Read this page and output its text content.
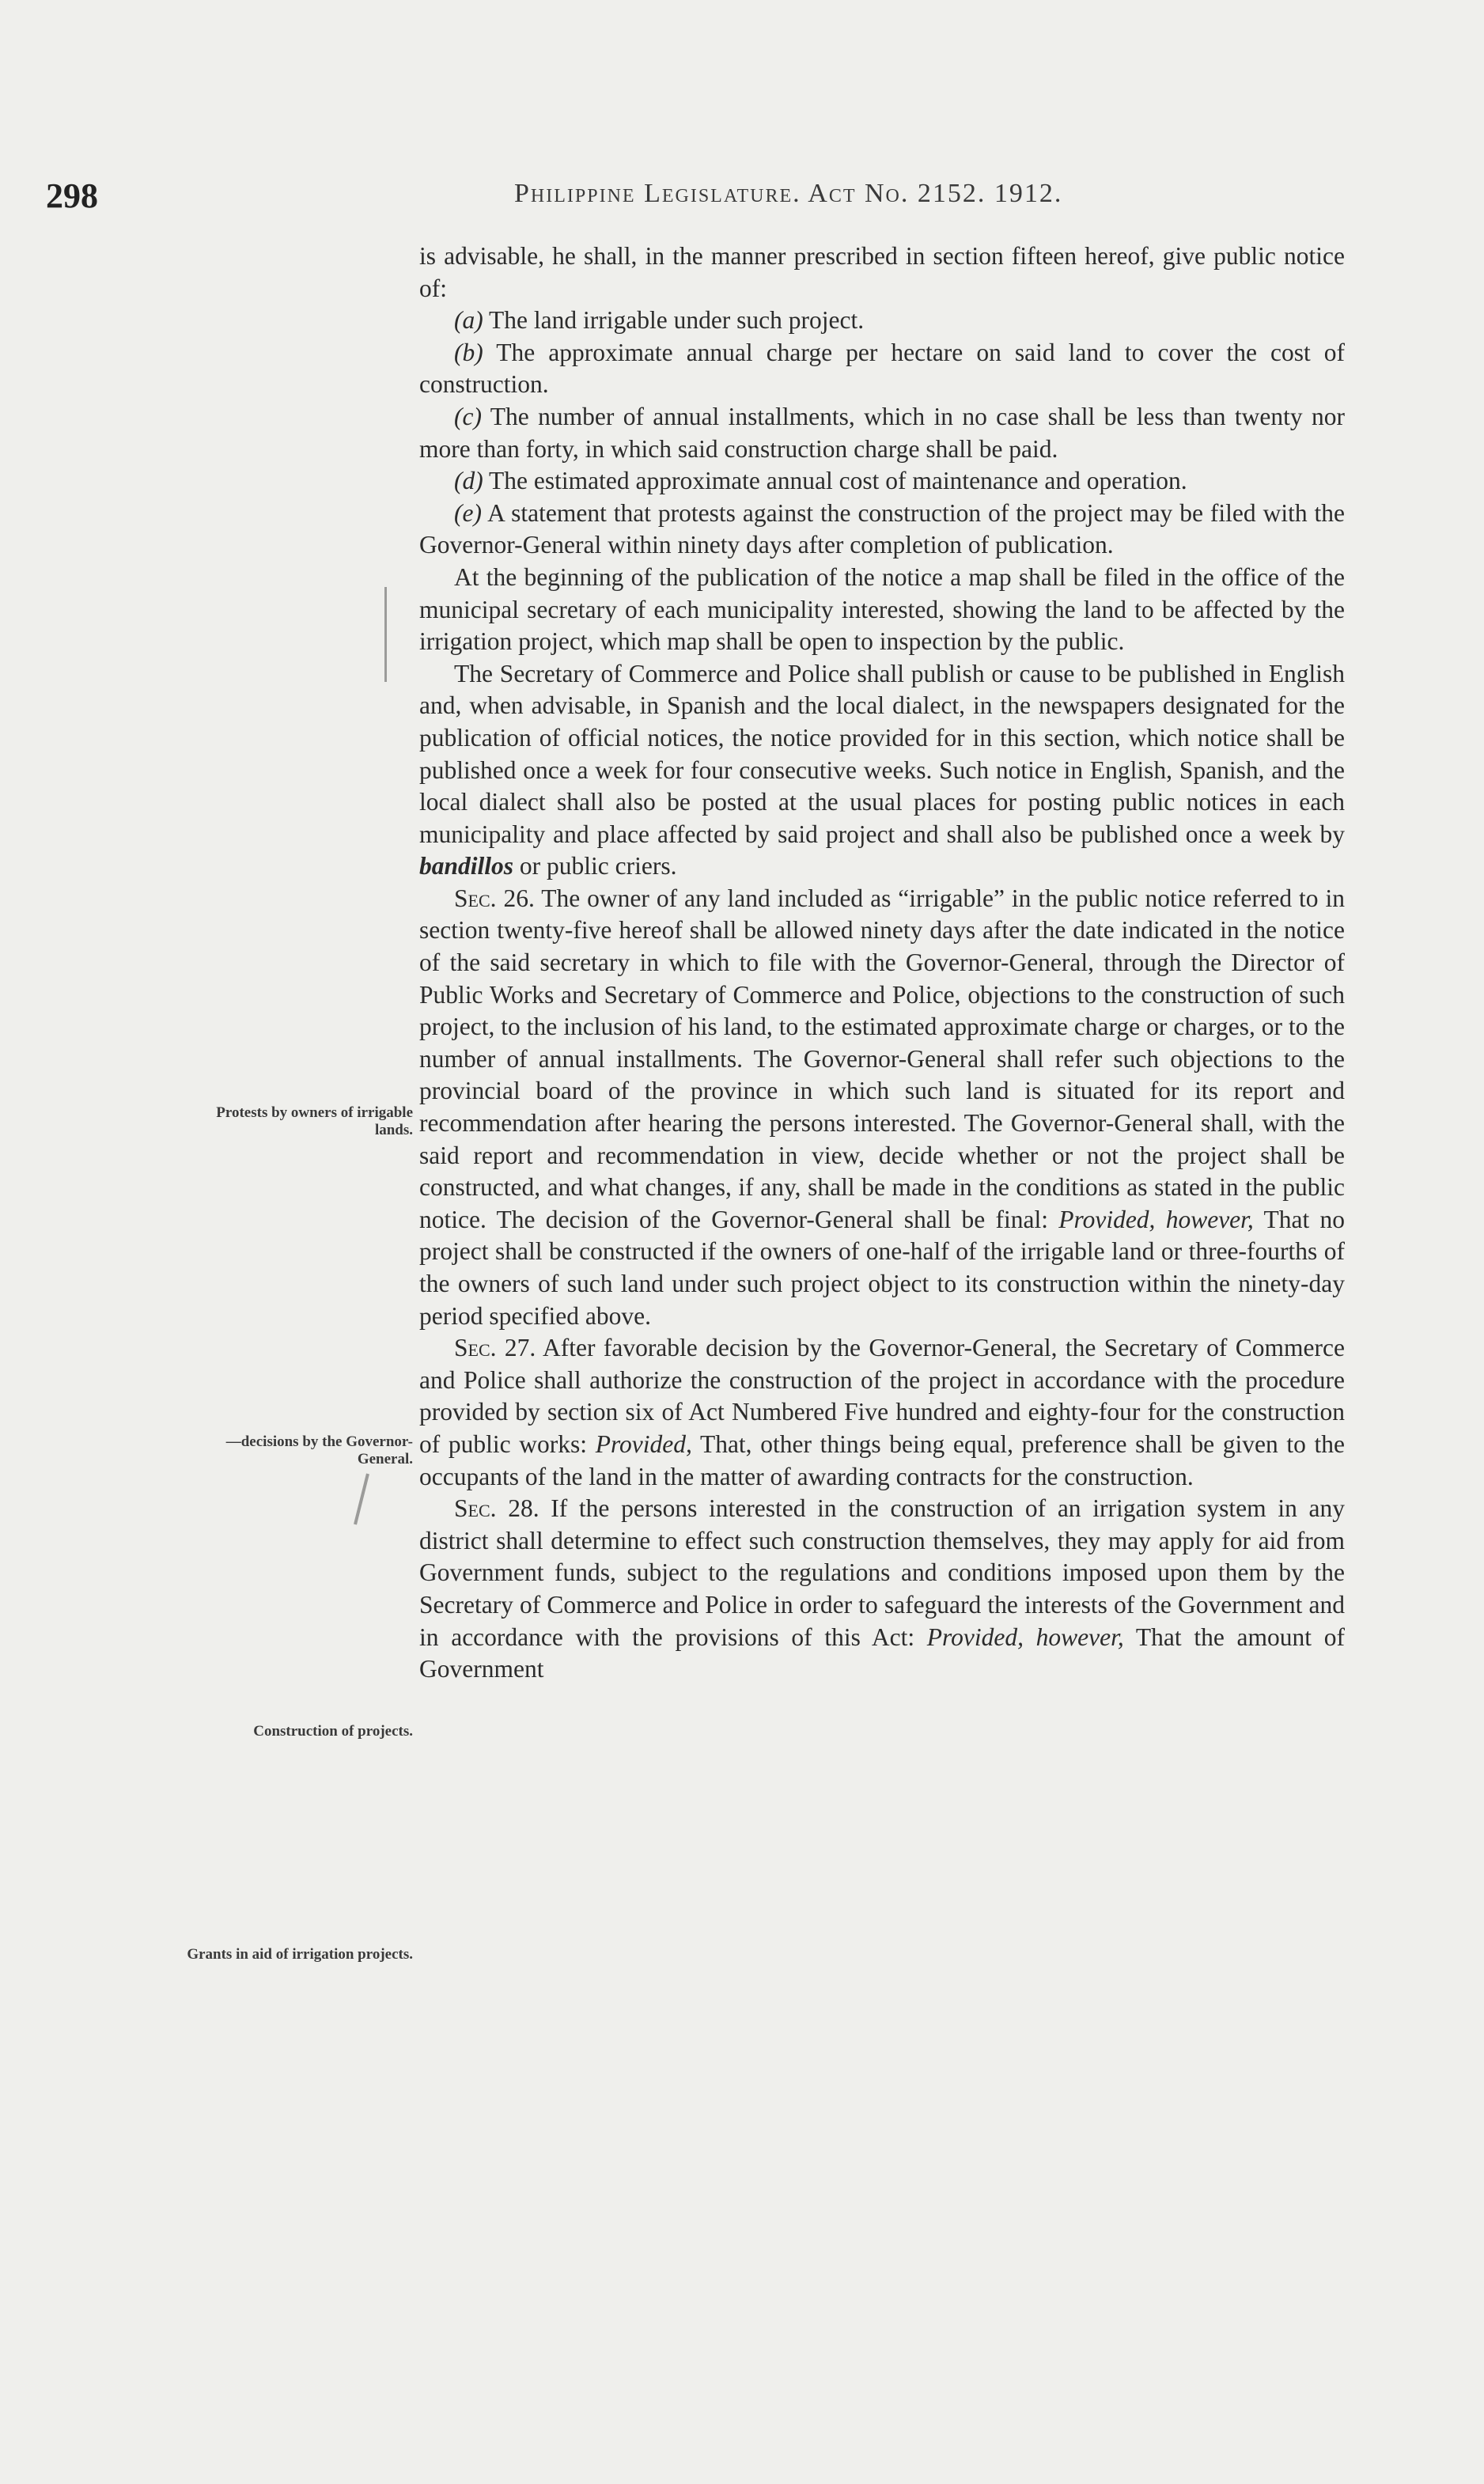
298	Philippine Legislature. Act No. 2152. 1912.
Protests by owners of irrigable lands.
—decisions by the Governor-General.
Construction of projects.
Grants in aid of irrigation projects.

is advisable, he shall, in the manner prescribed in section fifteen hereof, give public notice of:

(a) The land irrigable under such project.

(b) The approximate annual charge per hectare on said land to cover the cost of construction.

(c) The number of annual installments, which in no case shall be less than twenty nor more than forty, in which said construction charge shall be paid.

(d) The estimated approximate annual cost of maintenance and operation.

(e) A statement that protests against the construction of the project may be filed with the Governor-General within ninety days after completion of publication.

At the beginning of the publication of the notice a map shall be filed in the office of the municipal secretary of each municipality interested, showing the land to be affected by the irrigation project, which map shall be open to inspection by the public.

The Secretary of Commerce and Police shall publish or cause to be published in English and, when advisable, in Spanish and the local dialect, in the newspapers designated for the publication of official notices, the notice provided for in this section, which notice shall be published once a week for four consecutive weeks. Such notice in English, Spanish, and the local dialect shall also be posted at the usual places for posting public notices in each municipality and place affected by said project and shall also be published once a week by bandillos or public criers.

Sec. 26. The owner of any land included as “irrigable” in the public notice referred to in section twenty-five hereof shall be allowed ninety days after the date indicated in the notice of the said secretary in which to file with the Governor-General, through the Director of Public Works and Secretary of Commerce and Police, objections to the construction of such project, to the inclusion of his land, to the estimated approximate charge or charges, or to the number of annual installments. The Governor-General shall refer such objections to the provincial board of the province in which such land is situated for its report and recommendation after hearing the persons interested. The Governor-General shall, with the said report and recommendation in view, decide whether or not the project shall be constructed, and what changes, if any, shall be made in the conditions as stated in the public notice. The decision of the Governor-General shall be final: Provided, however, That no project shall be constructed if the owners of one-half of the irrigable land or three-fourths of the owners of such land under such project object to its construction within the ninety-day period specified above.

Sec. 27. After favorable decision by the Governor-General, the Secretary of Commerce and Police shall authorize the construction of the project in accordance with the procedure provided by section six of Act Numbered Five hundred and eighty-four for the construction of public works: Provided, That, other things being equal, preference shall be given to the occupants of the land in the matter of awarding contracts for the construction.

Sec. 28. If the persons interested in the construction of an irrigation system in any district shall determine to effect such construction themselves, they may apply for aid from Government funds, subject to the regulations and conditions imposed upon them by the Secretary of Commerce and Police in order to safeguard the interests of the Government and in accordance with the provisions of this Act: Provided, however, That the amount of Government
